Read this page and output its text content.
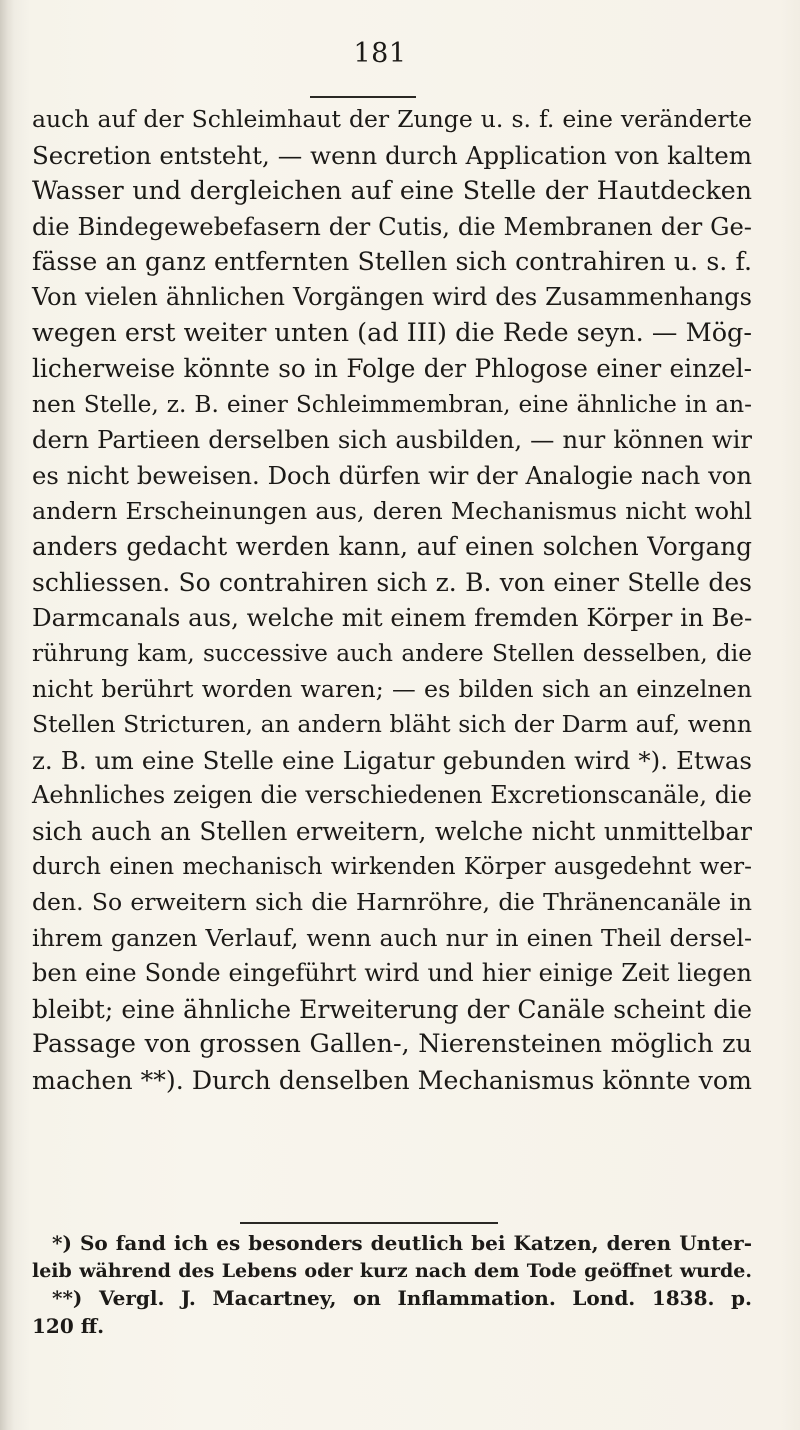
181
auch auf der Schleimhaut der Zunge u. s. f. eine veränderte
Secretion entsteht, — wenn durch Application von kaltem
Wasser und dergleichen auf eine Stelle der Hautdecken
die Bindegewebefasern der Cutis, die Membranen der Ge-
fässe an ganz entfernten Stellen sich contrahiren u. s. f.
Von vielen ähnlichen Vorgängen wird des Zusammenhangs
wegen erst weiter unten (ad III) die Rede seyn. — Mög-
licherweise könnte so in Folge der Phlogose einer einzel-
nen Stelle, z. B. einer Schleimmembran, eine ähnliche in an-
dern Partieen derselben sich ausbilden, — nur können wir
es nicht beweisen. Doch dürfen wir der Analogie nach von
andern Erscheinungen aus, deren Mechanismus nicht wohl
anders gedacht werden kann, auf einen solchen Vorgang
schliessen. So contrahiren sich z. B. von einer Stelle des
Darmcanals aus, welche mit einem fremden Körper in Be-
rührung kam, successive auch andere Stellen desselben, die
nicht berührt worden waren; — es bilden sich an einzelnen
Stellen Stricturen, an andern bläht sich der Darm auf, wenn
z. B. um eine Stelle eine Ligatur gebunden wird *). Etwas
Aehnliches zeigen die verschiedenen Excretionscanäle, die
sich auch an Stellen erweitern, welche nicht unmittelbar
durch einen mechanisch wirkenden Körper ausgedehnt wer-
den. So erweitern sich die Harnröhre, die Thränencanäle in
ihrem ganzen Verlauf, wenn auch nur in einen Theil dersel-
ben eine Sonde eingeführt wird und hier einige Zeit liegen
bleibt; eine ähnliche Erweiterung der Canäle scheint die
Passage von grossen Gallen-, Nierensteinen möglich zu
machen **). Durch denselben Mechanismus könnte vom
*) So fand ich es besonders deutlich bei Katzen, deren Unter-
leib während des Lebens oder kurz nach dem Tode geöffnet wurde.
**) Vergl. J. Macartney, on Inflammation. Lond. 1838. p.
120 ff.
